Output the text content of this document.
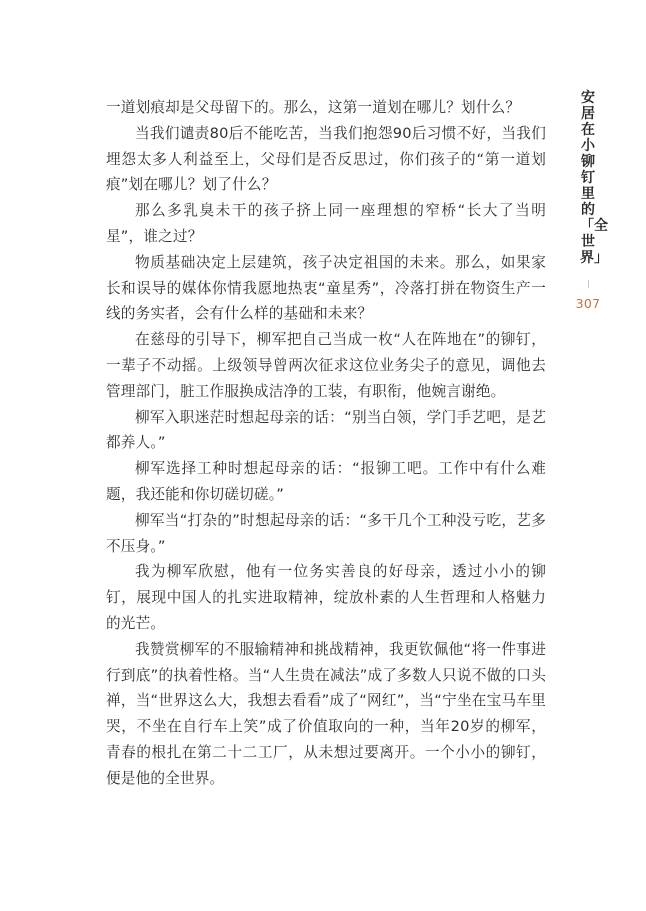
一道划痕却是父母留下的。那么，这第一道划在哪儿？划什么？

当我们谴责80后不能吃苦，当我们抱怨90后习惯不好，当我们埋怨太多人利益至上，父母们是否反思过，你们孩子的“第一道划痕”划在哪儿？划了什么？

那么多乳臭未干的孩子挤上同一座理想的窄桥“长大了当明星”，谁之过？

物质基础决定上层建筑，孩子决定祖国的未来。那么，如果家长和误导的媒体你情我愿地热衷“童星秀”，冷落打拼在物资生产一线的务实者，会有什么样的基础和未来？

在慈母的引导下，柳军把自己当成一枚“人在阵地在”的铆钉，一辈子不动摇。上级领导曾两次征求这位业务尖子的意见，调他去管理部门，脏工作服换成洁净的工装，有职衔，他婉言谢绝。

柳军入职迷茫时想起母亲的话：“别当白领，学门手艺吧，是艺都养人。”

柳军选择工种时想起母亲的话：“报铆工吧。工作中有什么难题，我还能和你切磋切磋。”

柳军当“打杂的”时想起母亲的话：“多干几个工种没亏吃，艺多不压身。”

我为柳军欣慰，他有一位务实善良的好母亲，透过小小的铆钉，展现中国人的扎实进取精神，绽放朴素的人生哲理和人格魅力的光芒。

我赞赏柳军的不服输精神和挑战精神，我更钦佩他“将一件事进行到底”的执着性格。当“人生贵在减法”成了多数人只说不做的口头禅，当“世界这么大，我想去看看”成了“网红”，当“宁坐在宝马车里哭，不坐在自行车上笑”成了价值取向的一种，当年20岁的柳军，青春的根扎在第二十二工厂，从未想过要离开。一个小小的铆钉，便是他的全世界。

安居在小铆钉里的「全世界」
307
